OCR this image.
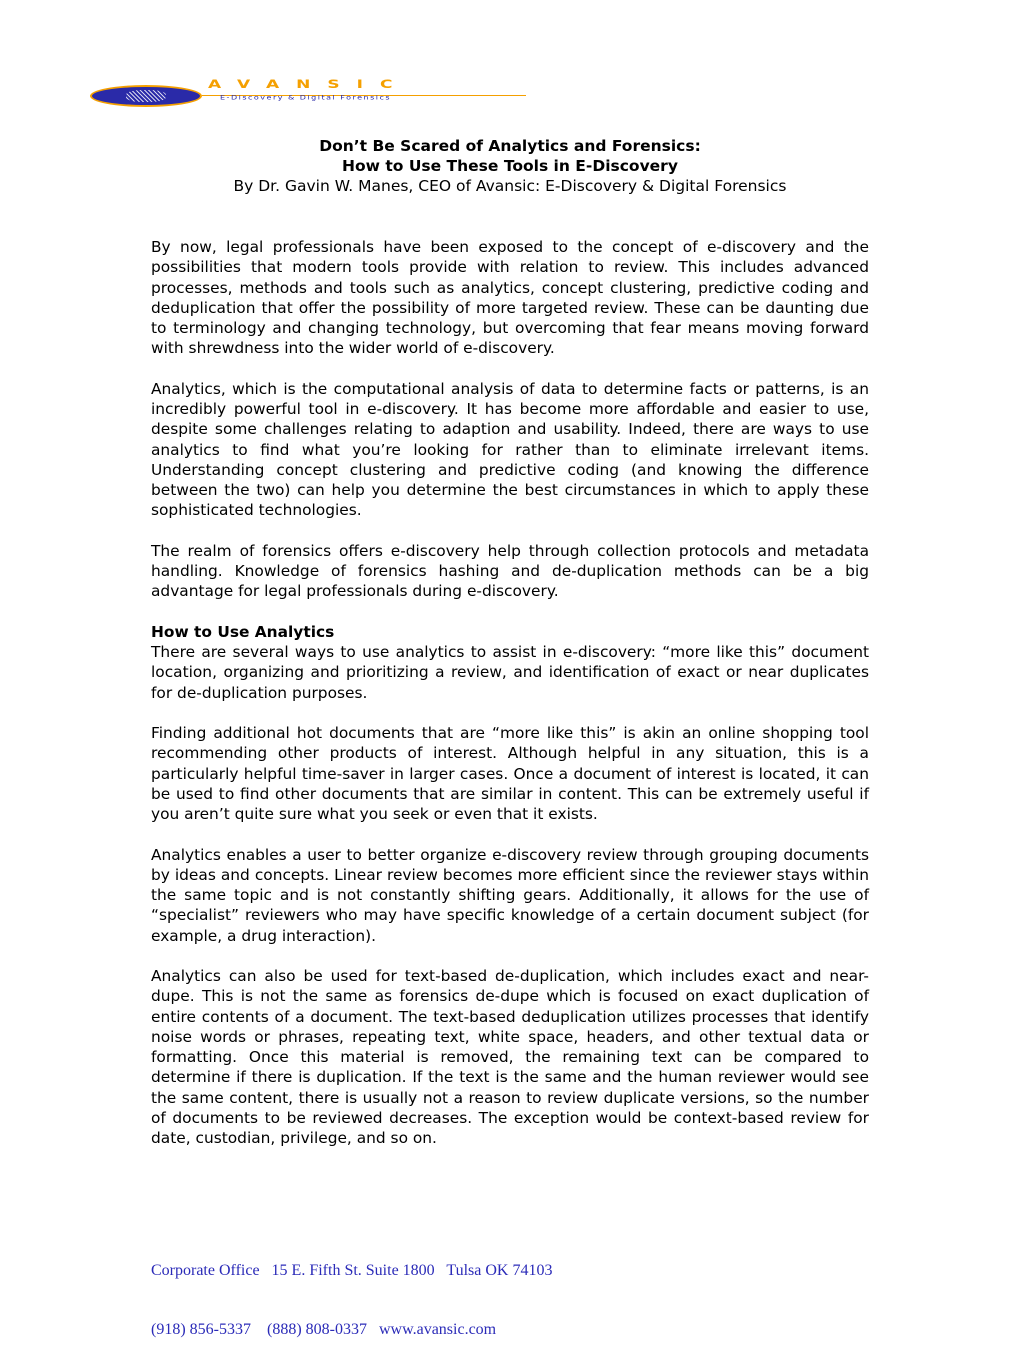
AVANSIC
E-Discovery & Digital Forensics
Don’t Be Scared of Analytics and Forensics:
How to Use These Tools in E-Discovery
By Dr. Gavin W. Manes, CEO of Avansic: E-Discovery & Digital Forensics

By now, legal professionals have been exposed to the concept of e-discovery and the possibilities that modern tools provide with relation to review. This includes advanced processes, methods and tools such as analytics, concept clustering, predictive coding and deduplication that offer the possibility of more targeted review. These can be daunting due to terminology and changing technology, but overcoming that fear means moving forward with shrewdness into the wider world of e-discovery.

Analytics, which is the computational analysis of data to determine facts or patterns, is an incredibly powerful tool in e-discovery. It has become more affordable and easier to use, despite some challenges relating to adaption and usability. Indeed, there are ways to use analytics to find what you’re looking for rather than to eliminate irrelevant items. Understanding concept clustering and predictive coding (and knowing the difference between the two) can help you determine the best circumstances in which to apply these sophisticated technologies.

The realm of forensics offers e-discovery help through collection protocols and metadata handling. Knowledge of forensics hashing and de-duplication methods can be a big advantage for legal professionals during e-discovery.

How to Use Analytics

There are several ways to use analytics to assist in e-discovery: “more like this” document location, organizing and prioritizing a review, and identification of exact or near duplicates for de-duplication purposes.

Finding additional hot documents that are “more like this” is akin an online shopping tool recommending other products of interest. Although helpful in any situation, this is a particularly helpful time-saver in larger cases. Once a document of interest is located, it can be used to find other documents that are similar in content. This can be extremely useful if you aren’t quite sure what you seek or even that it exists.

Analytics enables a user to better organize e-discovery review through grouping documents by ideas and concepts. Linear review becomes more efficient since the reviewer stays within the same topic and is not constantly shifting gears. Additionally, it allows for the use of “specialist” reviewers who may have specific knowledge of a certain document subject (for example, a drug interaction).

Analytics can also be used for text-based de-duplication, which includes exact and near-dupe. This is not the same as forensics de-dupe which is focused on exact duplication of entire contents of a document. The text-based deduplication utilizes processes that identify noise words or phrases, repeating text, white space, headers, and other textual data or formatting. Once this material is removed, the remaining text can be compared to determine if there is duplication. If the text is the same and the human reviewer would see the same content, there is usually not a reason to review duplicate versions, so the number of documents to be reviewed decreases. The exception would be context-based review for date, custodian, privilege, and so on.

Corporate Office   15 E. Fifth St. Suite 1800   Tulsa OK 74103

(918) 856-5337    (888) 808-0337   www.avansic.com
